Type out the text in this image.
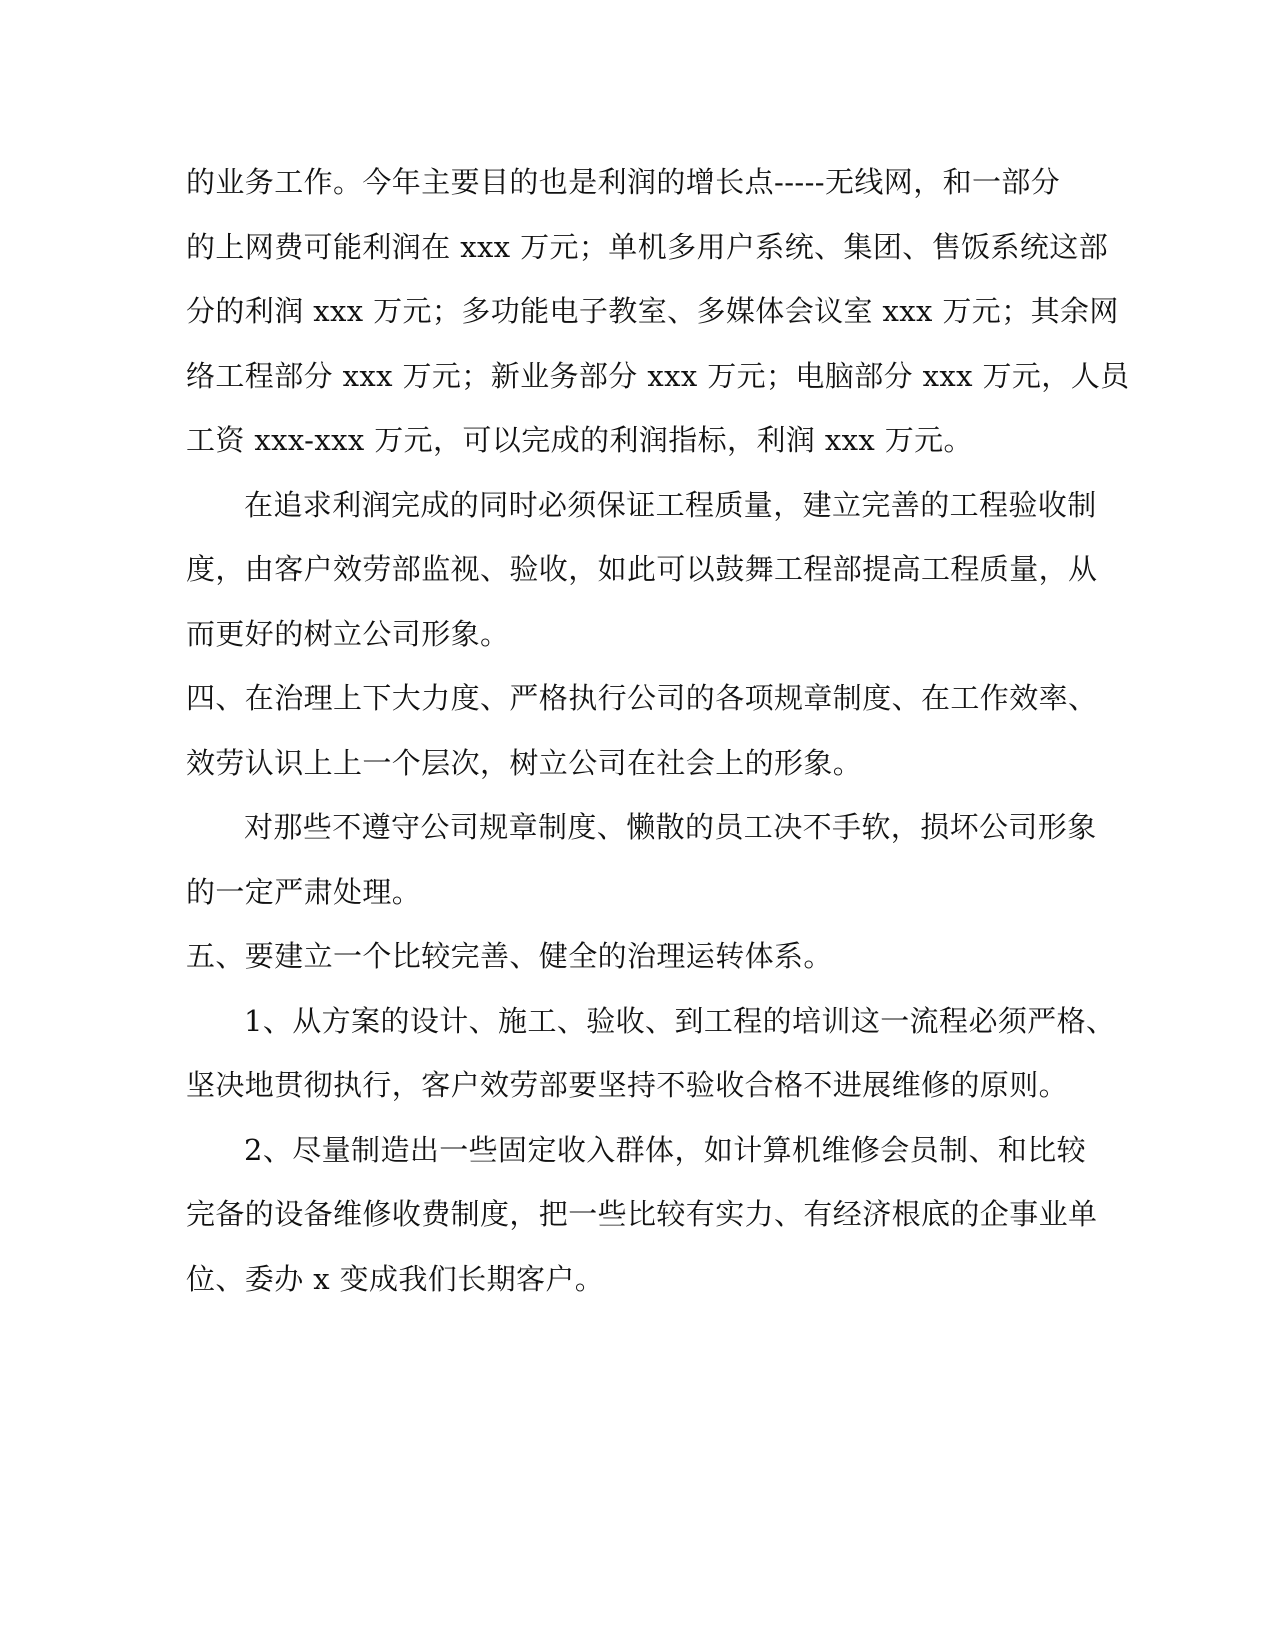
的业务工作。今年主要目的也是利润的增长点-----无线网，和一部分
的上网费可能利润在 xxx 万元；单机多用户系统、集团、售饭系统这部
分的利润 xxx 万元；多功能电子教室、多媒体会议室 xxx 万元；其余网
络工程部分 xxx 万元；新业务部分 xxx 万元；电脑部分 xxx 万元，人员
工资 xxx-xxx 万元，可以完成的利润指标，利润 xxx 万元。
在追求利润完成的同时必须保证工程质量，建立完善的工程验收制
度，由客户效劳部监视、验收，如此可以鼓舞工程部提高工程质量，从
而更好的树立公司形象。
四、在治理上下大力度、严格执行公司的各项规章制度、在工作效率、
效劳认识上上一个层次，树立公司在社会上的形象。
对那些不遵守公司规章制度、懒散的员工决不手软，损坏公司形象
的一定严肃处理。
五、要建立一个比较完善、健全的治理运转体系。
1、从方案的设计、施工、验收、到工程的培训这一流程必须严格、
坚决地贯彻执行，客户效劳部要坚持不验收合格不进展维修的原则。
2、尽量制造出一些固定收入群体，如计算机维修会员制、和比较
完备的设备维修收费制度，把一些比较有实力、有经济根底的企事业单
位、委办 x 变成我们长期客户。
